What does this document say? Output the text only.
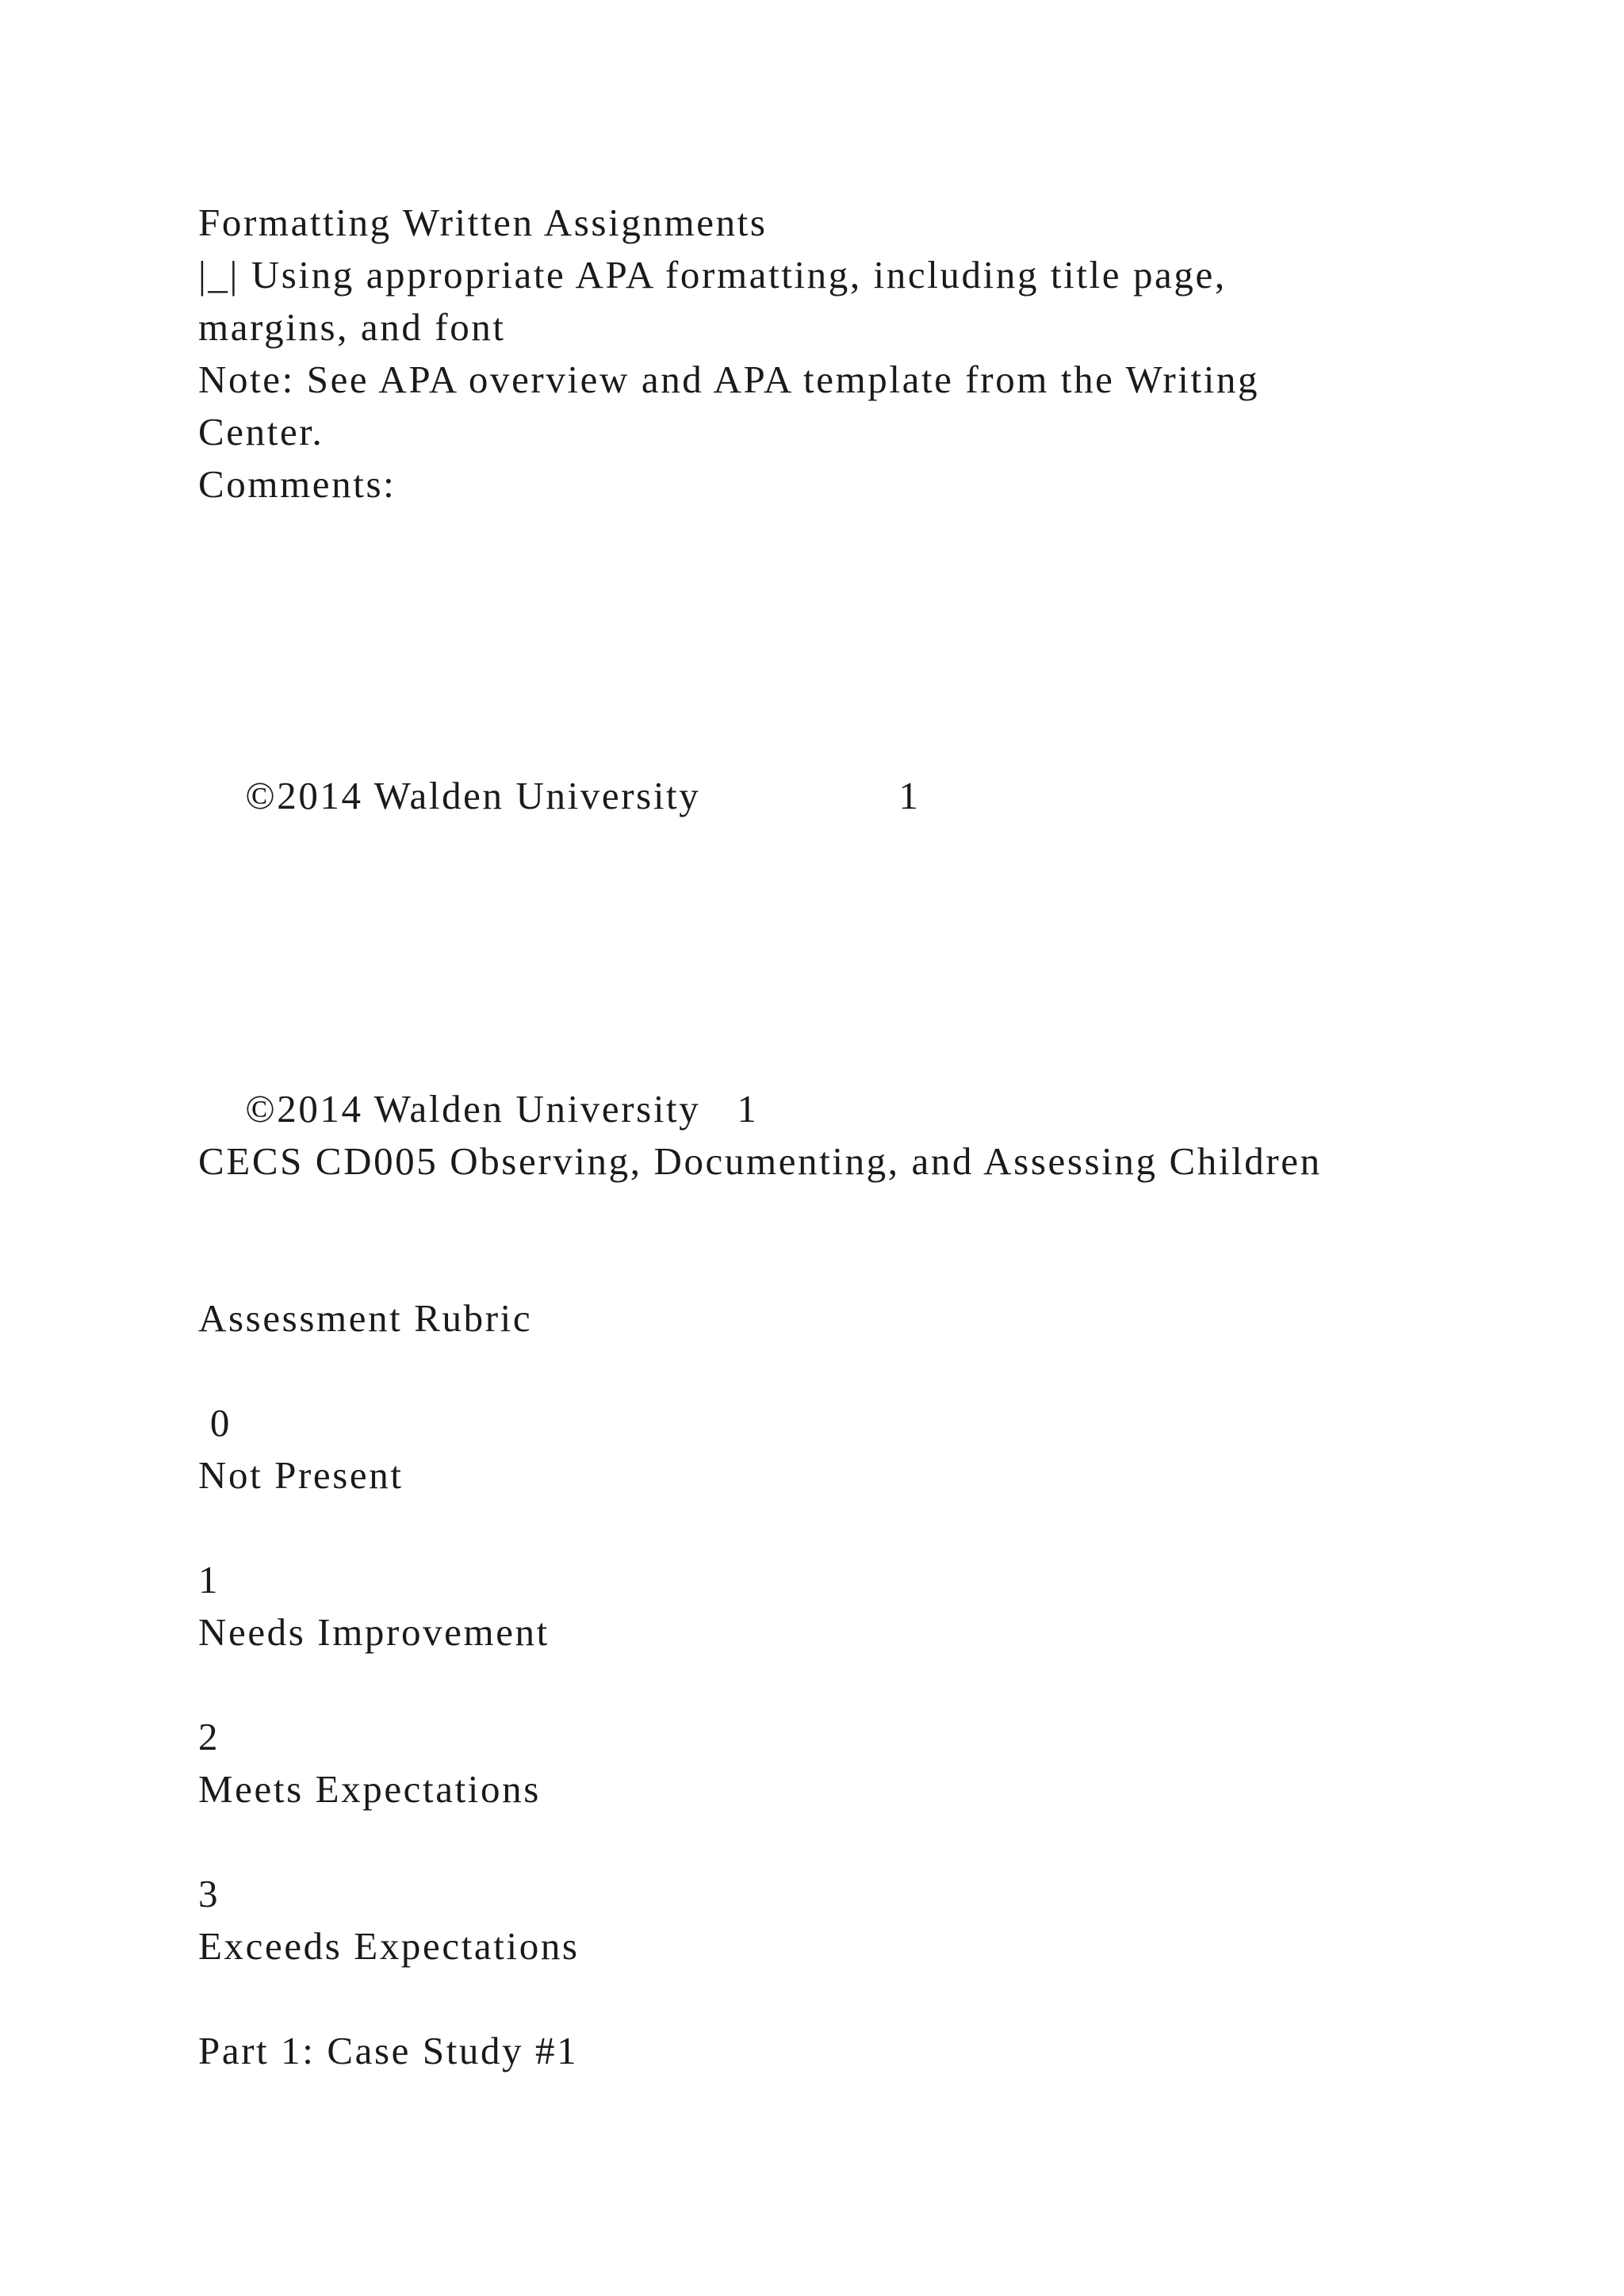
Formatting Written Assignments
|_| Using appropriate APA formatting, including title page,
margins, and font
Note: See APA overview and APA template from the Writing
Center.
Comments:

©2014 Walden University	1

©2014 Walden University 1

CECS CD005 Observing, Documenting, and Assessing Children
Assessment Rubric
0
Not Present
1
Needs Improvement
2
Meets Expectations
3
Exceeds Expectations
Part 1: Case Study #1
